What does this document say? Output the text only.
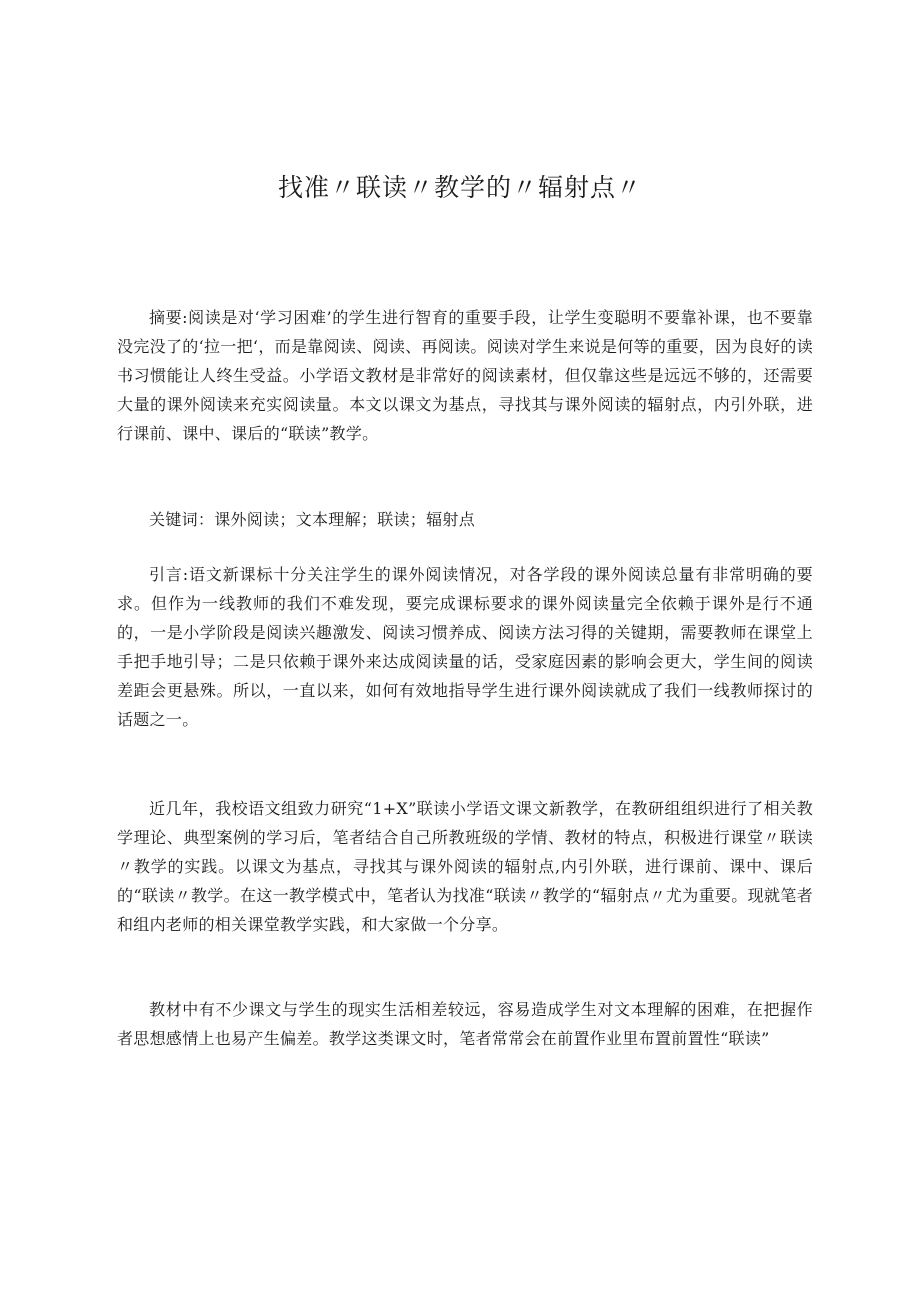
找准〃联读〃教学的〃辐射点〃

摘要:阅读是对‘学习困难’的学生进行智育的重要手段，让学生变聪明不要靠补课，也不要靠没完没了的‘拉一把‘，而是靠阅读、阅读、再阅读。阅读对学生来说是何等的重要，因为良好的读书习惯能让人终生受益。小学语文教材是非常好的阅读素材，但仅靠这些是远远不够的，还需要大量的课外阅读来充实阅读量。本文以课文为基点，寻找其与课外阅读的辐射点，内引外联，进行课前、课中、课后的“联读”教学。

关键词：课外阅读；文本理解；联读；辐射点

引言:语文新课标十分关注学生的课外阅读情况，对各学段的课外阅读总量有非常明确的要求。但作为一线教师的我们不难发现，要完成课标要求的课外阅读量完全依赖于课外是行不通的，一是小学阶段是阅读兴趣激发、阅读习惯养成、阅读方法习得的关键期，需要教师在课堂上手把手地引导；二是只依赖于课外来达成阅读量的话，受家庭因素的影响会更大，学生间的阅读差距会更悬殊。所以，一直以来，如何有效地指导学生进行课外阅读就成了我们一线教师探讨的话题之一。

近几年，我校语文组致力研究“1+X”联读小学语文课文新教学，在教研组组织进行了相关教学理论、典型案例的学习后，笔者结合自己所教班级的学情、教材的特点，积极进行课堂〃联读〃教学的实践。以课文为基点，寻找其与课外阅读的辐射点,内引外联，进行课前、课中、课后的“联读〃教学。在这一教学模式中，笔者认为找准“联读〃教学的“辐射点〃尤为重要。现就笔者和组内老师的相关课堂教学实践，和大家做一个分享。

教材中有不少课文与学生的现实生活相差较远，容易造成学生对文本理解的困难，在把握作者思想感情上也易产生偏差。教学这类课文时，笔者常常会在前置作业里布置前置性“联读”
